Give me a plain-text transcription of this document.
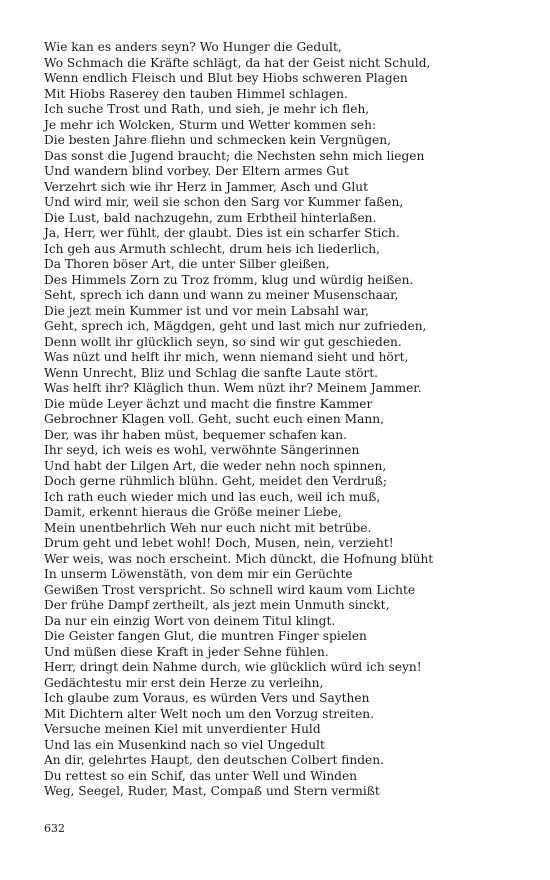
Wie kan es anders seyn? Wo Hunger die Gedult,
Wo Schmach die Kräfte schlägt, da hat der Geist nicht Schuld,
Wenn endlich Fleisch und Blut bey Hiobs schweren Plagen
Mit Hiobs Raserey den tauben Himmel schlagen.
Ich suche Trost und Rath, und sieh, je mehr ich fleh,
Je mehr ich Wolcken, Sturm und Wetter kommen seh:
Die besten Jahre fliehn und schmecken kein Vergnügen,
Das sonst die Jugend braucht; die Nechsten sehn mich liegen
Und wandern blind vorbey. Der Eltern armes Gut
Verzehrt sich wie ihr Herz in Jammer, Asch und Glut
Und wird mir, weil sie schon den Sarg vor Kummer faßen,
Die Lust, bald nachzugehn, zum Erbtheil hinterlaßen.
Ja, Herr, wer fühlt, der glaubt. Dies ist ein scharfer Stich.
Ich geh aus Armuth schlecht, drum heis ich liederlich,
Da Thoren böser Art, die unter Silber gleißen,
Des Himmels Zorn zu Troz fromm, klug und würdig heißen.
Seht, sprech ich dann und wann zu meiner Musenschaar,
Die jezt mein Kummer ist und vor mein Labsahl war,
Geht, sprech ich, Mägdgen, geht und last mich nur zufrieden,
Denn wollt ihr glücklich seyn, so sind wir gut geschieden.
Was nüzt und helft ihr mich, wenn niemand sieht und hört,
Wenn Unrecht, Bliz und Schlag die sanfte Laute stört.
Was helft ihr? Kläglich thun. Wem nüzt ihr? Meinem Jammer.
Die müde Leyer ächzt und macht die finstre Kammer
Gebrochner Klagen voll. Geht, sucht euch einen Mann,
Der, was ihr haben müst, bequemer schafen kan.
Ihr seyd, ich weis es wohl, verwöhnte Sängerinnen
Und habt der Lilgen Art, die weder nehn noch spinnen,
Doch gerne rühmlich blühn. Geht, meidet den Verdruß;
Ich rath euch wieder mich und las euch, weil ich muß,
Damit, erkennt hieraus die Größe meiner Liebe,
Mein unentbehrlich Weh nur euch nicht mit betrübe.
Drum geht und lebet wohl! Doch, Musen, nein, verzieht!
Wer weis, was noch erscheint. Mich dünckt, die Hofnung blüht
In unserm Löwenstäth, von dem mir ein Gerüchte
Gewißen Trost verspricht. So schnell wird kaum vom Lichte
Der frühe Dampf zertheilt, als jezt mein Unmuth sinckt,
Da nur ein einzig Wort von deinem Titul klingt.
Die Geister fangen Glut, die muntren Finger spielen
Und müßen diese Kraft in jeder Sehne fühlen.
Herr, dringt dein Nahme durch, wie glücklich würd ich seyn!
Gedächtestu mir erst dein Herze zu verleihn,
Ich glaube zum Voraus, es würden Vers und Saythen
Mit Dichtern alter Welt noch um den Vorzug streiten.
Versuche meinen Kiel mit unverdienter Huld
Und las ein Musenkind nach so viel Ungedult
An dir, gelehrtes Haupt, den deutschen Colbert finden.
Du rettest so ein Schif, das unter Well und Winden
Weg, Seegel, Ruder, Mast, Compaß und Stern vermißt
632
